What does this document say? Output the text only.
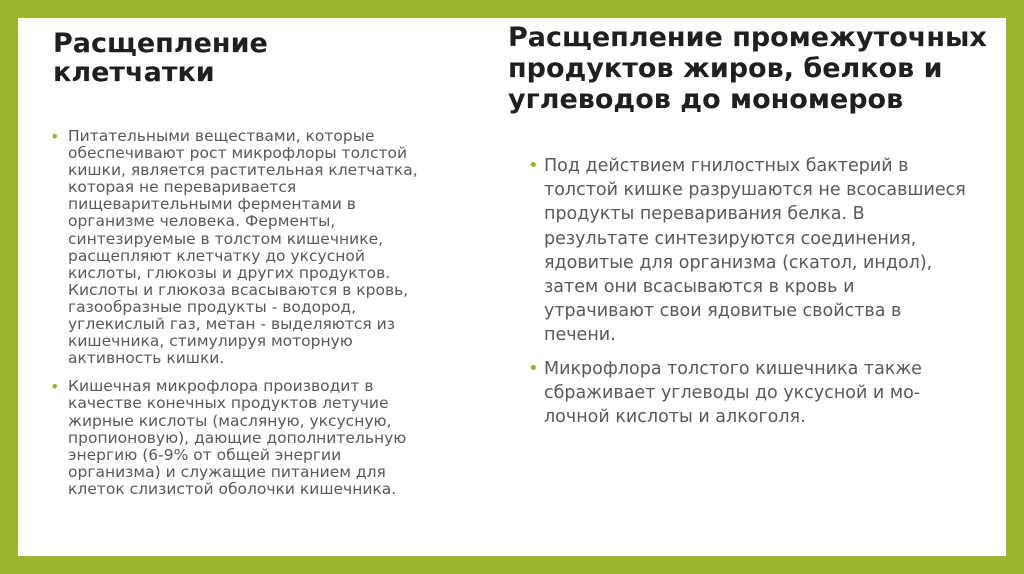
Расщепление клетчатки
• Питательными веществами, которые обеспечивают рост микрофлоры толстой кишки, является растительная клетчатка, которая не переваривается пищеварительными ферментами в организме человека. Ферменты, синтезируемые в толстом кишечнике, расщепляют клетчатку до уксусной кислоты, глюкозы и других продуктов. Кислоты и глюкоза всасываются в кровь, газообразные продукты - водород, углекислый газ, метан - выделяются из кишечника, стимулируя моторную активность кишки.
• Кишечная микрофлора производит в качестве конечных продуктов летучие жирные кислоты (масляную, уксусную, пропионовую), дающие дополнительную энергию (6-9% от общей энергии организма) и служащие питанием для клеток слизистой оболочки кишечника.
Расщепление промежуточных продуктов жиров, белков и углеводов до мономеров
• Под действием гнилостных бактерий в толстой кишке разрушаются не всосавшиеся продукты переваривания белка. В результате синтезируются соединения, ядовитые для организма (скатол, индол), затем они всасываются в кровь и утрачивают свои ядовитые свойства в печени.
• Микрофлора толстого кишечника также сбраживает углеводы до уксусной и мо-лочной кислоты и алкоголя.
